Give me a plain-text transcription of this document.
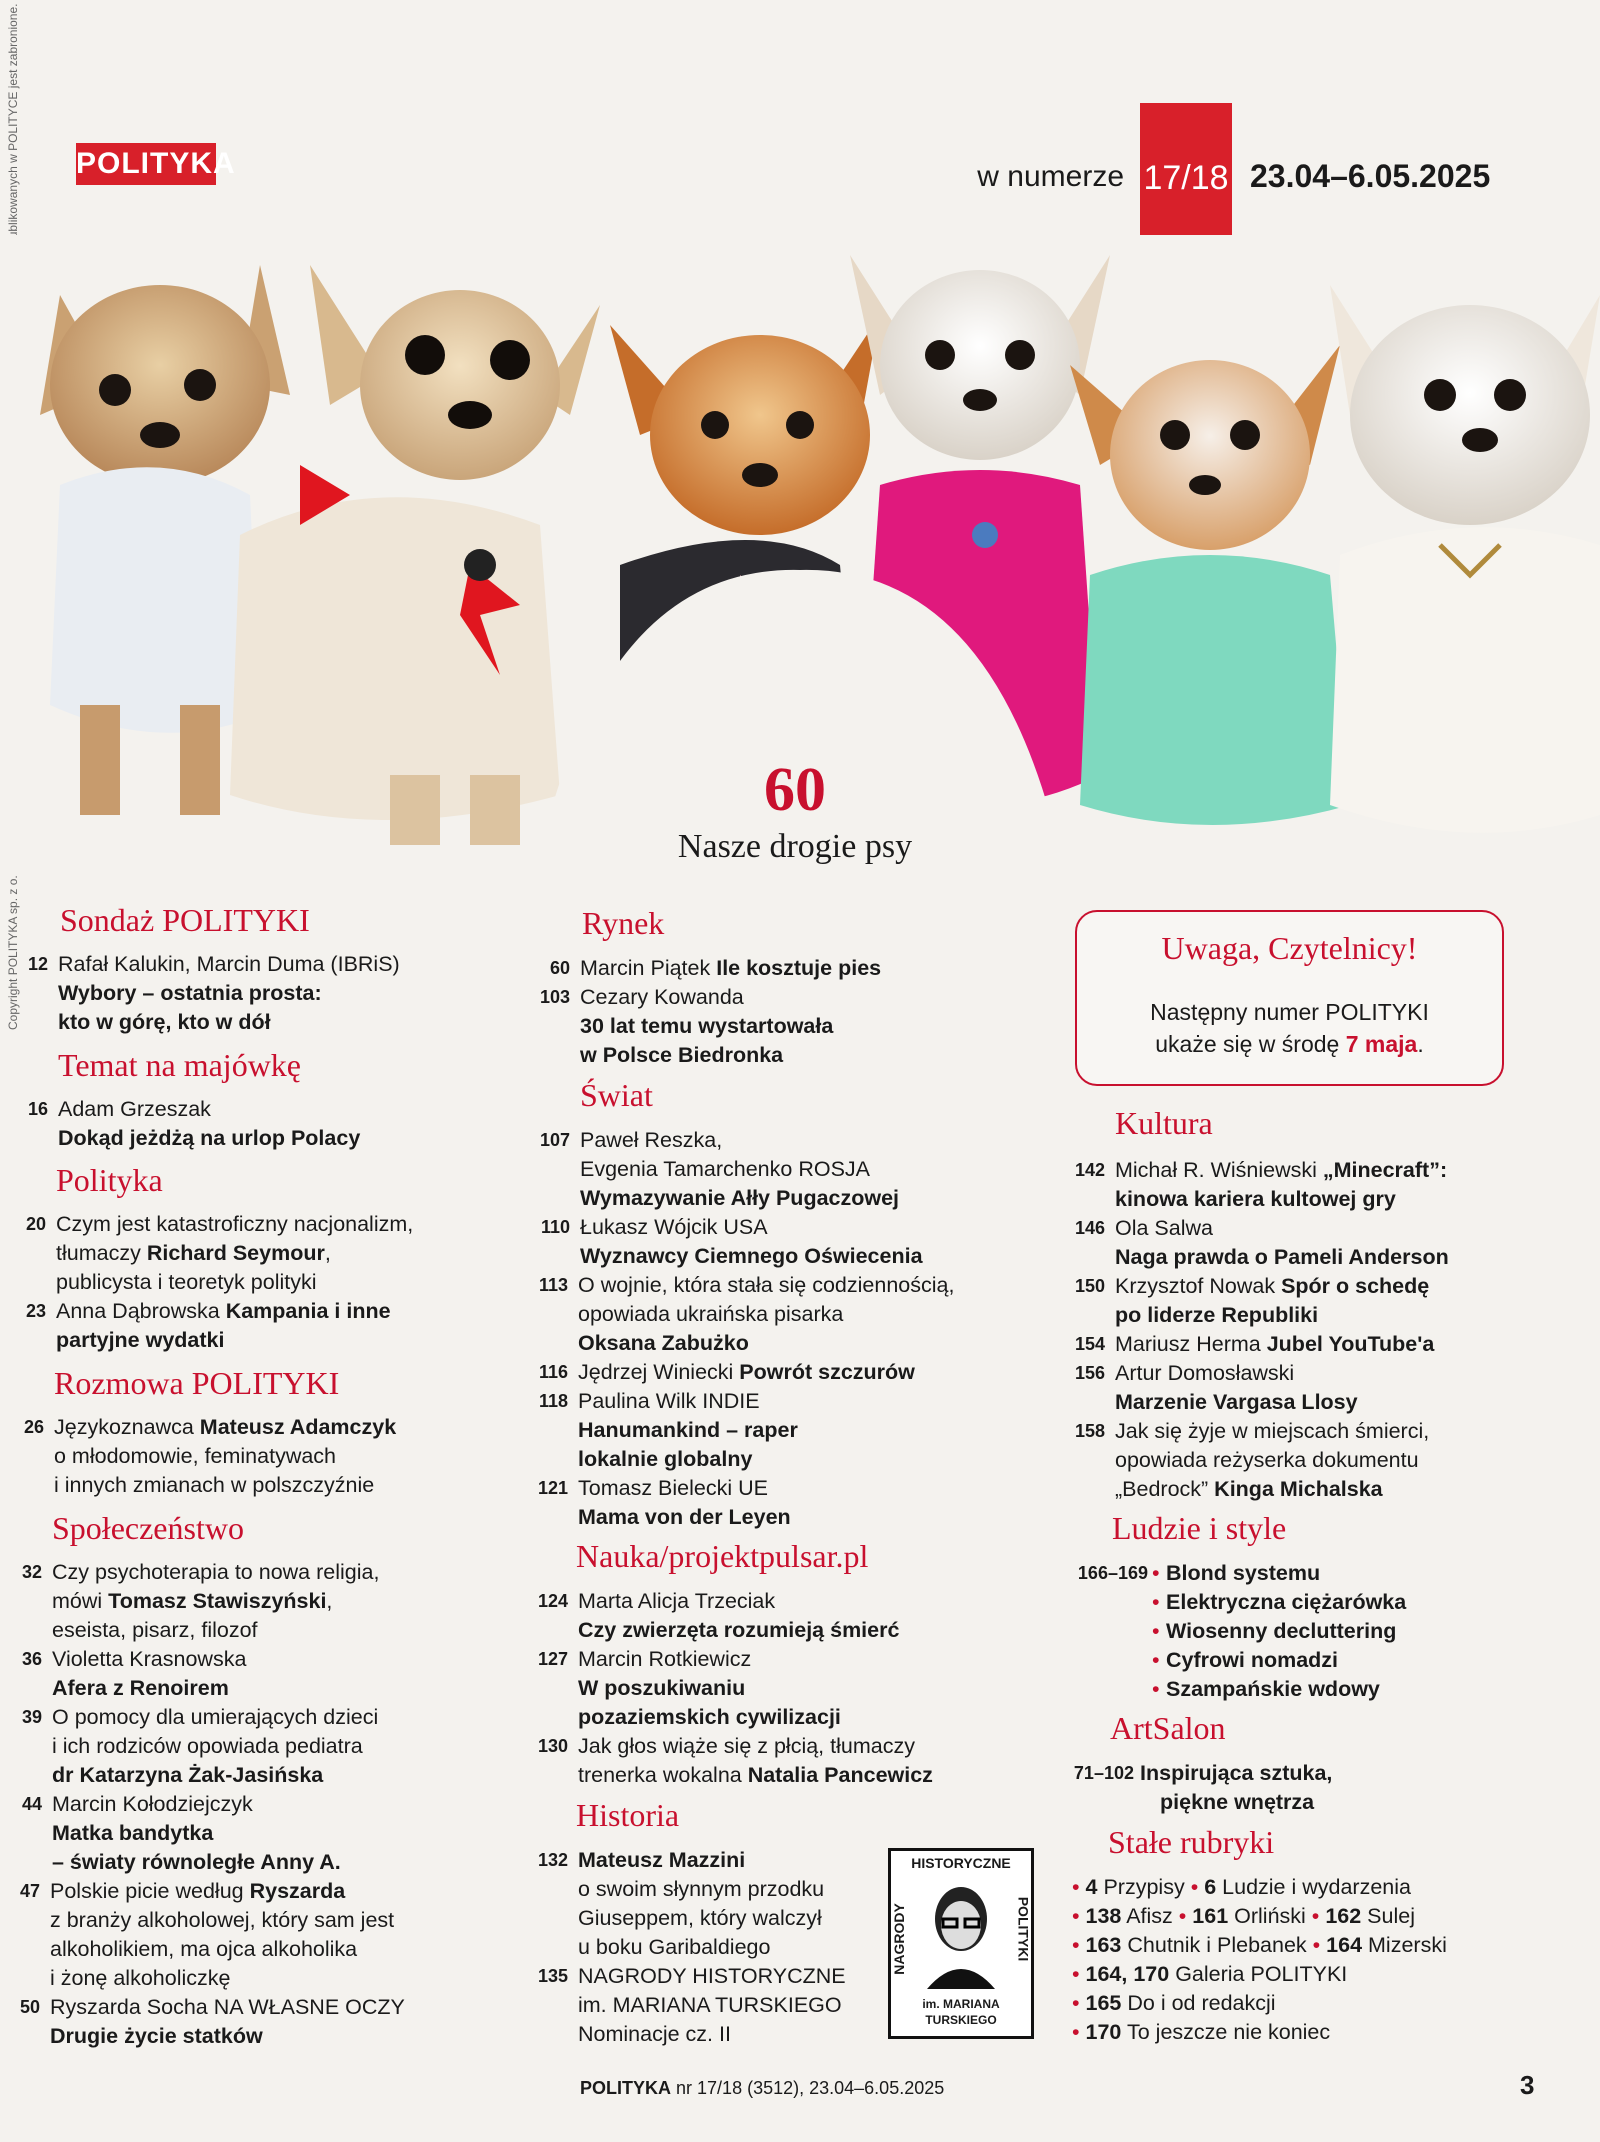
POLITYKA	w numerze 17/18 23.04–6.05.2025
60
Nasze drogie psy
Sondaż POLITYKI
12 Rafał Kalukin, Marcin Duma (IBRiS)
Wybory – ostatnia prosta:
kto w górę, kto w dół
Temat na majówkę
16 Adam Grzeszak
Dokąd jeżdżą na urlop Polacy
Polityka
20 Czym jest katastroficzny nacjonalizm,
tłumaczy Richard Seymour,
publicysta i teoretyk polityki
23 Anna Dąbrowska Kampania i inne
partyjne wydatki
Rozmowa POLITYKI
26 Językoznawca Mateusz Adamczyk
o młodomowie, feminatywach
i innych zmianach w polszczyźnie
Społeczeństwo
32 Czy psychoterapia to nowa religia,
mówi Tomasz Stawiszyński,
eseista, pisarz, filozof
36 Violetta Krasnowska
Afera z Renoirem
39 O pomocy dla umierających dzieci
i ich rodziców opowiada pediatra
dr Katarzyna Żak-Jasińska
44 Marcin Kołodziejczyk
Matka bandytka
– światy równoległe Anny A.
47 Polskie picie według Ryszarda
z branży alkoholowej, który sam jest
alkoholikiem, ma ojca alkoholika
i żonę alkoholiczkę
50 Ryszarda Socha NA WŁASNE OCZY
Drugie życie statków
Rynek
60 Marcin Piątek Ile kosztuje pies
103 Cezary Kowanda
30 lat temu wystartowała
w Polsce Biedronka
Świat
107 Paweł Reszka,
Evgenia Tamarchenko ROSJA
Wymazywanie Ałły Pugaczowej
110 Łukasz Wójcik USA
Wyznawcy Ciemnego Oświecenia
113 O wojnie, która stała się codziennością,
opowiada ukraińska pisarka
Oksana Zabużko
116 Jędrzej Winiecki Powrót szczurów
118 Paulina Wilk INDIE
Hanumankind – raper
lokalnie globalny
121 Tomasz Bielecki UE
Mama von der Leyen
Nauka/projektpulsar.pl
124 Marta Alicja Trzeciak
Czy zwierzęta rozumieją śmierć
127 Marcin Rotkiewicz
W poszukiwaniu
pozaziemskich cywilizacji
130 Jak głos wiąże się z płcią, tłumaczy
trenerka wokalna Natalia Pancewicz
Historia
132 Mateusz Mazzini
o swoim słynnym przodku
Giuseppem, który walczył
u boku Garibaldiego
135 NAGRODY HISTORYCZNE
im. MARIANA TURSKIEGO
Nominacje cz. II
HISTORYCZNE
NAGRODY	POLITYKI
im. MARIANA
TURSKIEGO
Uwaga, Czytelnicy!
Następny numer POLITYKI
ukaże się w środę 7 maja.
Kultura
142 Michał R. Wiśniewski „Minecraft”:
kinowa kariera kultowej gry
146 Ola Salwa
Naga prawda o Pameli Anderson
150 Krzysztof Nowak Spór o schedę
po liderze Republiki
154 Mariusz Herma Jubel YouTube'a
156 Artur Domosławski
Marzenie Vargasa Llosy
158 Jak się żyje w miejscach śmierci,
opowiada reżyserka dokumentu
„Bedrock” Kinga Michalska
Ludzie i style
166–169 • Blond systemu
• Elektryczna ciężarówka
• Wiosenny decluttering
• Cyfrowi nomadzi
• Szampańskie wdowy
ArtSalon
71–102 Inspirująca sztuka,
piękne wnętrza
Stałe rubryki
• 4 Przypisy • 6 Ludzie i wydarzenia
• 138 Afisz • 161 Orliński • 162 Sulej
• 163 Chutnik i Plebanek • 164 Mizerski
• 164, 170 Galeria POLITYKI
• 165 Do i od redakcji
• 170 To jeszcze nie koniec
POLITYKA nr 17/18 (3512), 23.04–6.05.2025	3
